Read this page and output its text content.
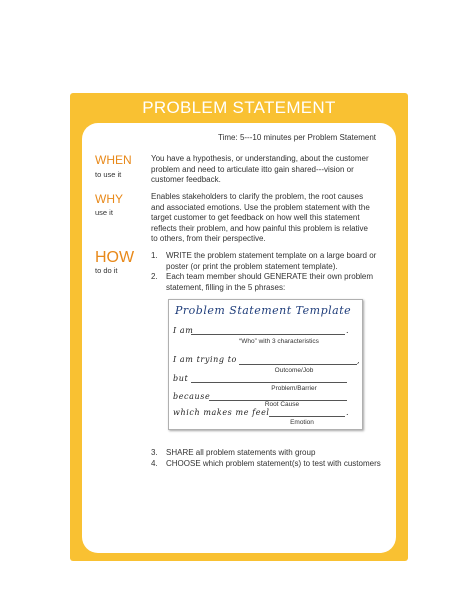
PROBLEM STATEMENT
Time: 5---10 minutes per Problem Statement
WHEN
to use it
You have a hypothesis, or understanding, about the customer
problem and need to articulate itto gain shared---vision or
customer feedback.
WHY
use it
Enables stakeholders to clarify the problem, the root causes
and associated emotions. Use the problem statement with the
target customer to get feedback on how well this statement
reflects their problem, and how painful this problem is relative
to others, from their perspective.
HOW
to do it
1.	WRITE the problem statement template on a large board or
poster (or print the problem statement template).
2.	Each team member should GENERATE their own problem
statement, filling in the 5 phrases:
Problem Statement Template
I am	.
“Who” with 3 characteristics
I am trying to	,
Outcome/Job
but
Problem/Barrier
because
Root Cause
which makes me feel	.
Emotion
3.	SHARE all problem statements with group
4.	CHOOSE which problem statement(s) to test with customers
